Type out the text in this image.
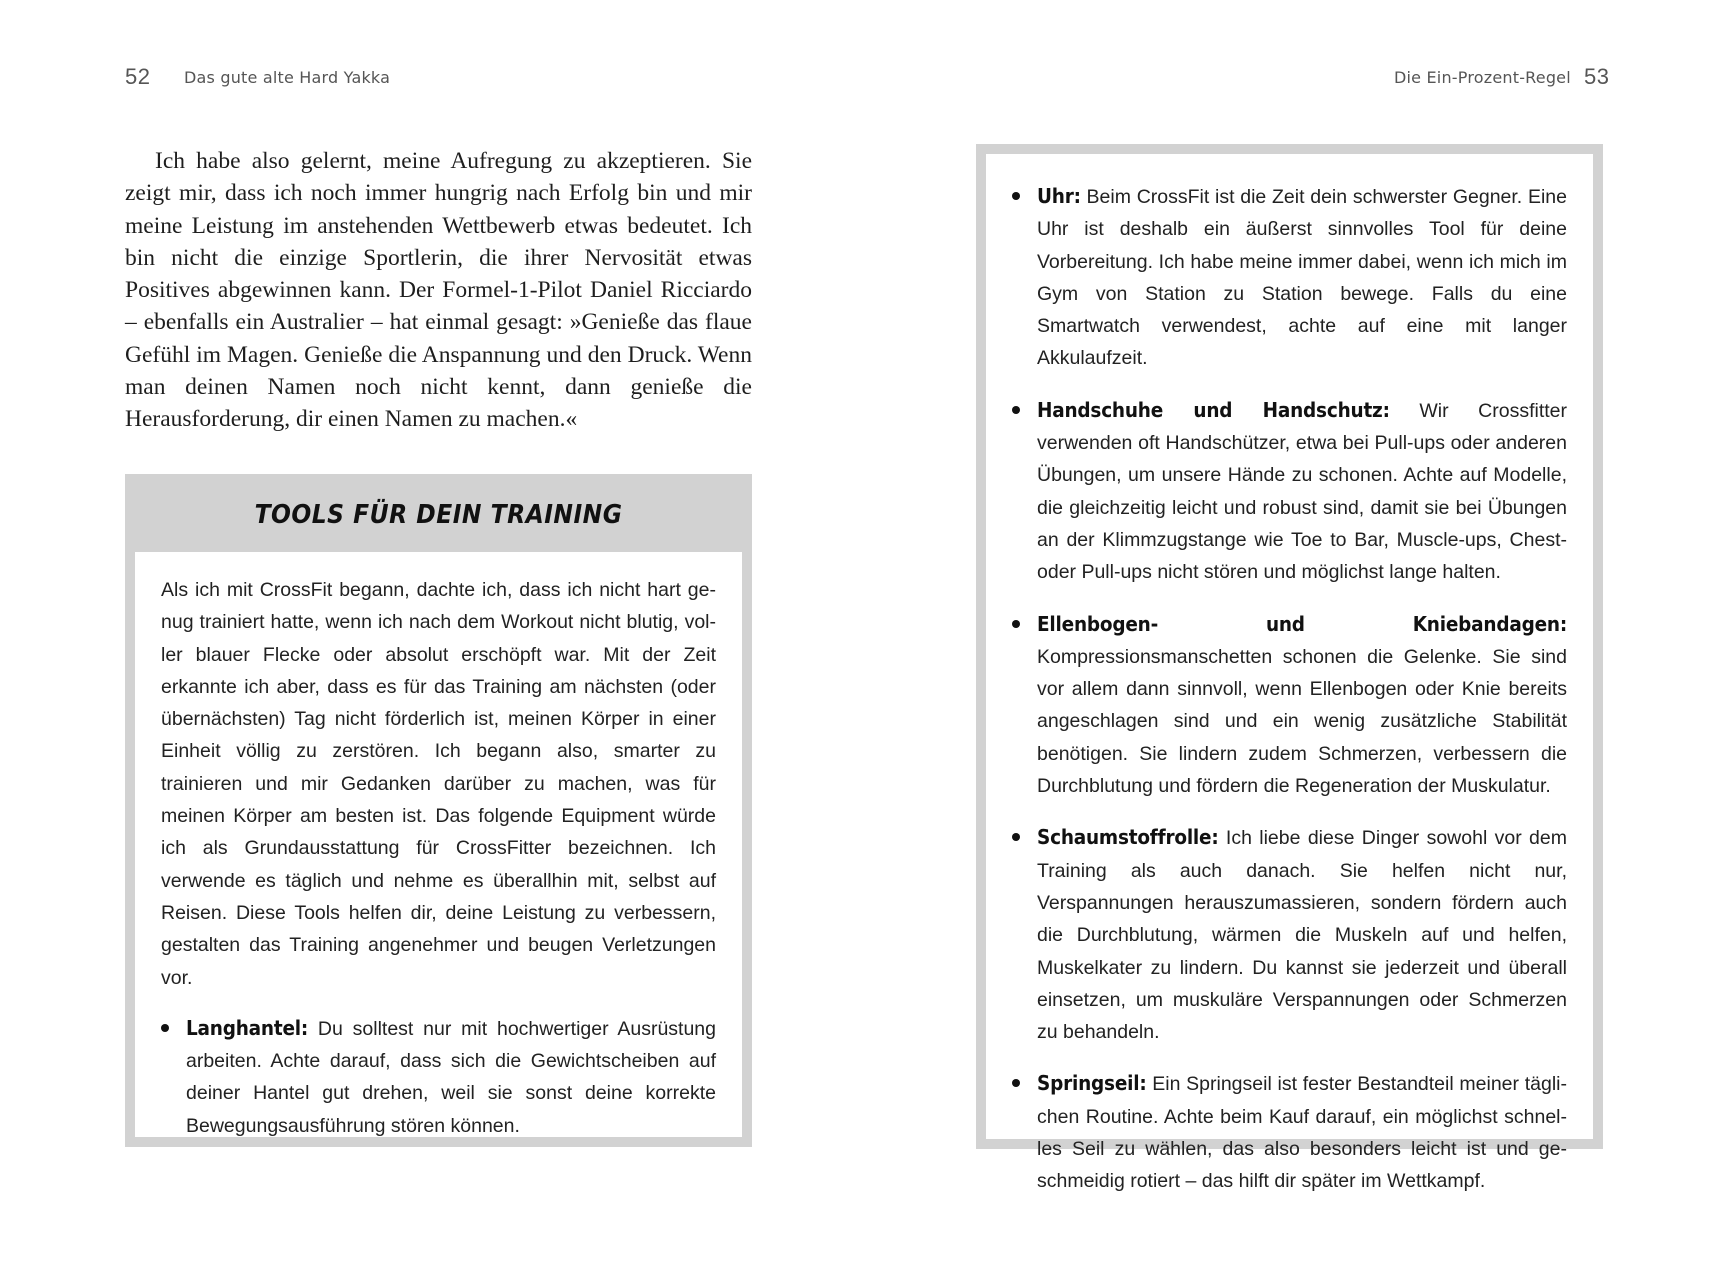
52 Das gute alte Hard Yakka

Ich habe also gelernt, meine Aufregung zu akzeptieren. Sie zeigt mir, dass ich noch immer hungrig nach Erfolg bin und mir meine Leistung im anstehenden Wettbewerb etwas bedeutet. Ich bin nicht die einzige Sportlerin, die ihrer Nervosität etwas Positives abgewinnen kann. Der Formel-1-Pilot Daniel Ricciardo – ebenfalls ein Australier – hat einmal gesagt: »Genieße das flaue Gefühl im Magen. Genieße die Anspannung und den Druck. Wenn man deinen Namen noch nicht kennt, dann genieße die Herausforderung, dir einen Namen zu machen.«

TOOLS FÜR DEIN TRAINING

Als ich mit CrossFit begann, dachte ich, dass ich nicht hart genug trainiert hatte, wenn ich nach dem Workout nicht blutig, voller blauer Flecke oder absolut erschöpft war. Mit der Zeit erkannte ich aber, dass es für das Training am nächsten (oder übernächsten) Tag nicht förderlich ist, meinen Körper in einer Einheit völlig zu zerstören. Ich begann also, smarter zu trainieren und mir Gedanken darüber zu machen, was für meinen Körper am besten ist. Das folgende Equipment würde ich als Grundausstattung für CrossFitter bezeichnen. Ich verwende es täglich und nehme es überallhin mit, selbst auf Reisen. Diese Tools helfen dir, deine Leistung zu verbessern, gestalten das Training angenehmer und beugen Verletzungen vor.

Langhantel: Du solltest nur mit hochwertiger Ausrüstung arbeiten. Achte darauf, dass sich die Gewichtscheiben auf deiner Hantel gut drehen, weil sie sonst deine korrekte Bewegungsausführung stören können.
Die Ein-Prozent-Regel 53
Uhr: Beim CrossFit ist die Zeit dein schwerster Gegner. Eine Uhr ist deshalb ein äußerst sinnvolles Tool für deine Vorbereitung. Ich habe meine immer dabei, wenn ich mich im Gym von Station zu Station bewege. Falls du eine Smartwatch verwendest, achte auf eine mit langer Akkulaufzeit.
Handschuhe und Handschutz: Wir Crossfitter verwenden oft Handschützer, etwa bei Pull-ups oder anderen Übungen, um unsere Hände zu schonen. Achte auf Modelle, die gleichzeitig leicht und robust sind, damit sie bei Übungen an der Klimmzugstange wie Toe to Bar, Muscle-ups, Chest- oder Pull-ups nicht stören und möglichst lange halten.
Ellenbogen- und Kniebandagen: Kompressionsmanschetten schonen die Gelenke. Sie sind vor allem dann sinnvoll, wenn Ellenbogen oder Knie bereits angeschlagen sind und ein wenig zusätzliche Stabilität benötigen. Sie lindern zudem Schmerzen, verbessern die Durchblutung und fördern die Regeneration der Muskulatur.
Schaumstoffrolle: Ich liebe diese Dinger sowohl vor dem Training als auch danach. Sie helfen nicht nur, Verspannungen herauszumassieren, sondern fördern auch die Durchblutung, wärmen die Muskeln auf und helfen, Muskelkater zu lindern. Du kannst sie jederzeit und überall einsetzen, um muskuläre Verspannungen oder Schmerzen zu behandeln.
Springseil: Ein Springseil ist fester Bestandteil meiner täglichen Routine. Achte beim Kauf darauf, ein möglichst schnelles Seil zu wählen, das also besonders leicht ist und geschmeidig rotiert – das hilft dir später im Wettkampf.
